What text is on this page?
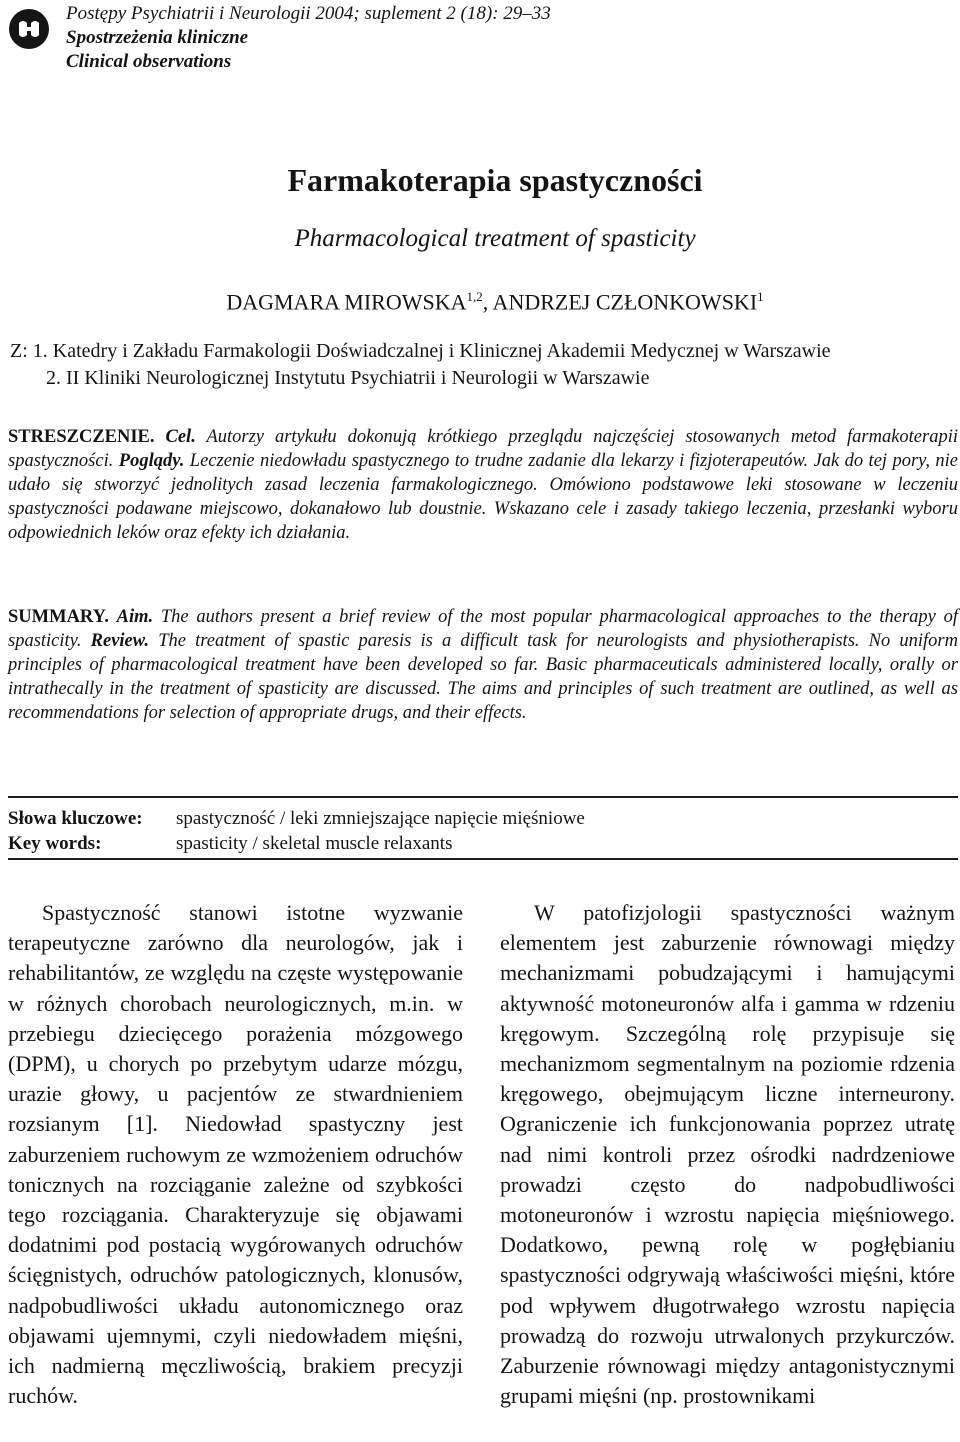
Postępy Psychiatrii i Neurologii 2004; suplement 2 (18): 29–33
Spostrzeżenia kliniczne
Clinical observations
Farmakoterapia spastyczności
Pharmacological treatment of spasticity
DAGMARA MIROWSKA$^{1,2}$, ANDRZEJ CZŁONKOWSKI$^1$
Z: 1. Katedry i Zakładu Farmakologii Doświadczalnej i Klinicznej Akademii Medycznej w Warszawie
2. II Kliniki Neurologicznej Instytutu Psychiatrii i Neurologii w Warszawie
STRESZCZENIE. Cel. Autorzy artykułu dokonują krótkiego przeglądu najczęściej stosowanych metod farmakoterapii spastyczności. Poglądy. Leczenie niedowładu spastycznego to trudne zadanie dla lekarzy i fizjoterapeutów. Jak do tej pory, nie udało się stworzyć jednolitych zasad leczenia farmakologicznego. Omówiono podstawowe leki stosowane w leczeniu spastyczności podawane miejscowo, dokanałowo lub doustnie. Wskazano cele i zasady takiego leczenia, przesłanki wyboru odpowiednich leków oraz efekty ich działania.
SUMMARY. Aim. The authors present a brief review of the most popular pharmacological approaches to the therapy of spasticity. Review. The treatment of spastic paresis is a difficult task for neurologists and physiotherapists. No uniform principles of pharmacological treatment have been developed so far. Basic pharmaceuticals administered locally, orally or intrathecally in the treatment of spasticity are discussed. The aims and principles of such treatment are outlined, as well as recommendations for selection of appropriate drugs, and their effects.
Słowa kluczowe: spastyczność / leki zmniejszające napięcie mięśniowe
Key words:	spasticity / skeletal muscle relaxants

Spastyczność stanowi istotne wyzwanie terapeutyczne zarówno dla neurologów, jak i rehabilitantów, ze względu na częste występowanie w różnych chorobach neurologicznych, m.in. w przebiegu dziecięcego porażenia mózgowego (DPM), u chorych po przebytym udarze mózgu, urazie głowy, u pacjentów ze stwardnieniem rozsianym [1]. Niedowład spastyczny jest zaburzeniem ruchowym ze wzmożeniem odruchów tonicznych na rozciąganie zależne od szybkości tego rozciągania. Charakteryzuje się objawami dodatnimi pod postacią wygórowanych odruchów ścięgnistych, odruchów patologicznych, klonusów, nadpobudliwości układu autonomicznego oraz objawami ujemnymi, czyli niedowładem mięśni, ich nadmierną męczliwością, brakiem precyzji ruchów.

W patofizjologii spastyczności ważnym elementem jest zaburzenie równowagi między mechanizmami pobudzającymi i hamującymi aktywność motoneuronów alfa i gamma w rdzeniu kręgowym. Szczególną rolę przypisuje się mechanizmom segmentalnym na poziomie rdzenia kręgowego, obejmującym liczne interneurony. Ograniczenie ich funkcjonowania poprzez utratę nad nimi kontroli przez ośrodki nadrdzeniowe prowadzi często do nadpobudliwości motoneuronów i wzrostu napięcia mięśniowego. Dodatkowo, pewną rolę w pogłębianiu spastyczności odgrywają właściwości mięśni, które pod wpływem długotrwałego wzrostu napięcia prowadzą do rozwoju utrwalonych przykurczów. Zaburzenie równowagi między antagonistycznymi grupami mięśni (np. prostownikami
